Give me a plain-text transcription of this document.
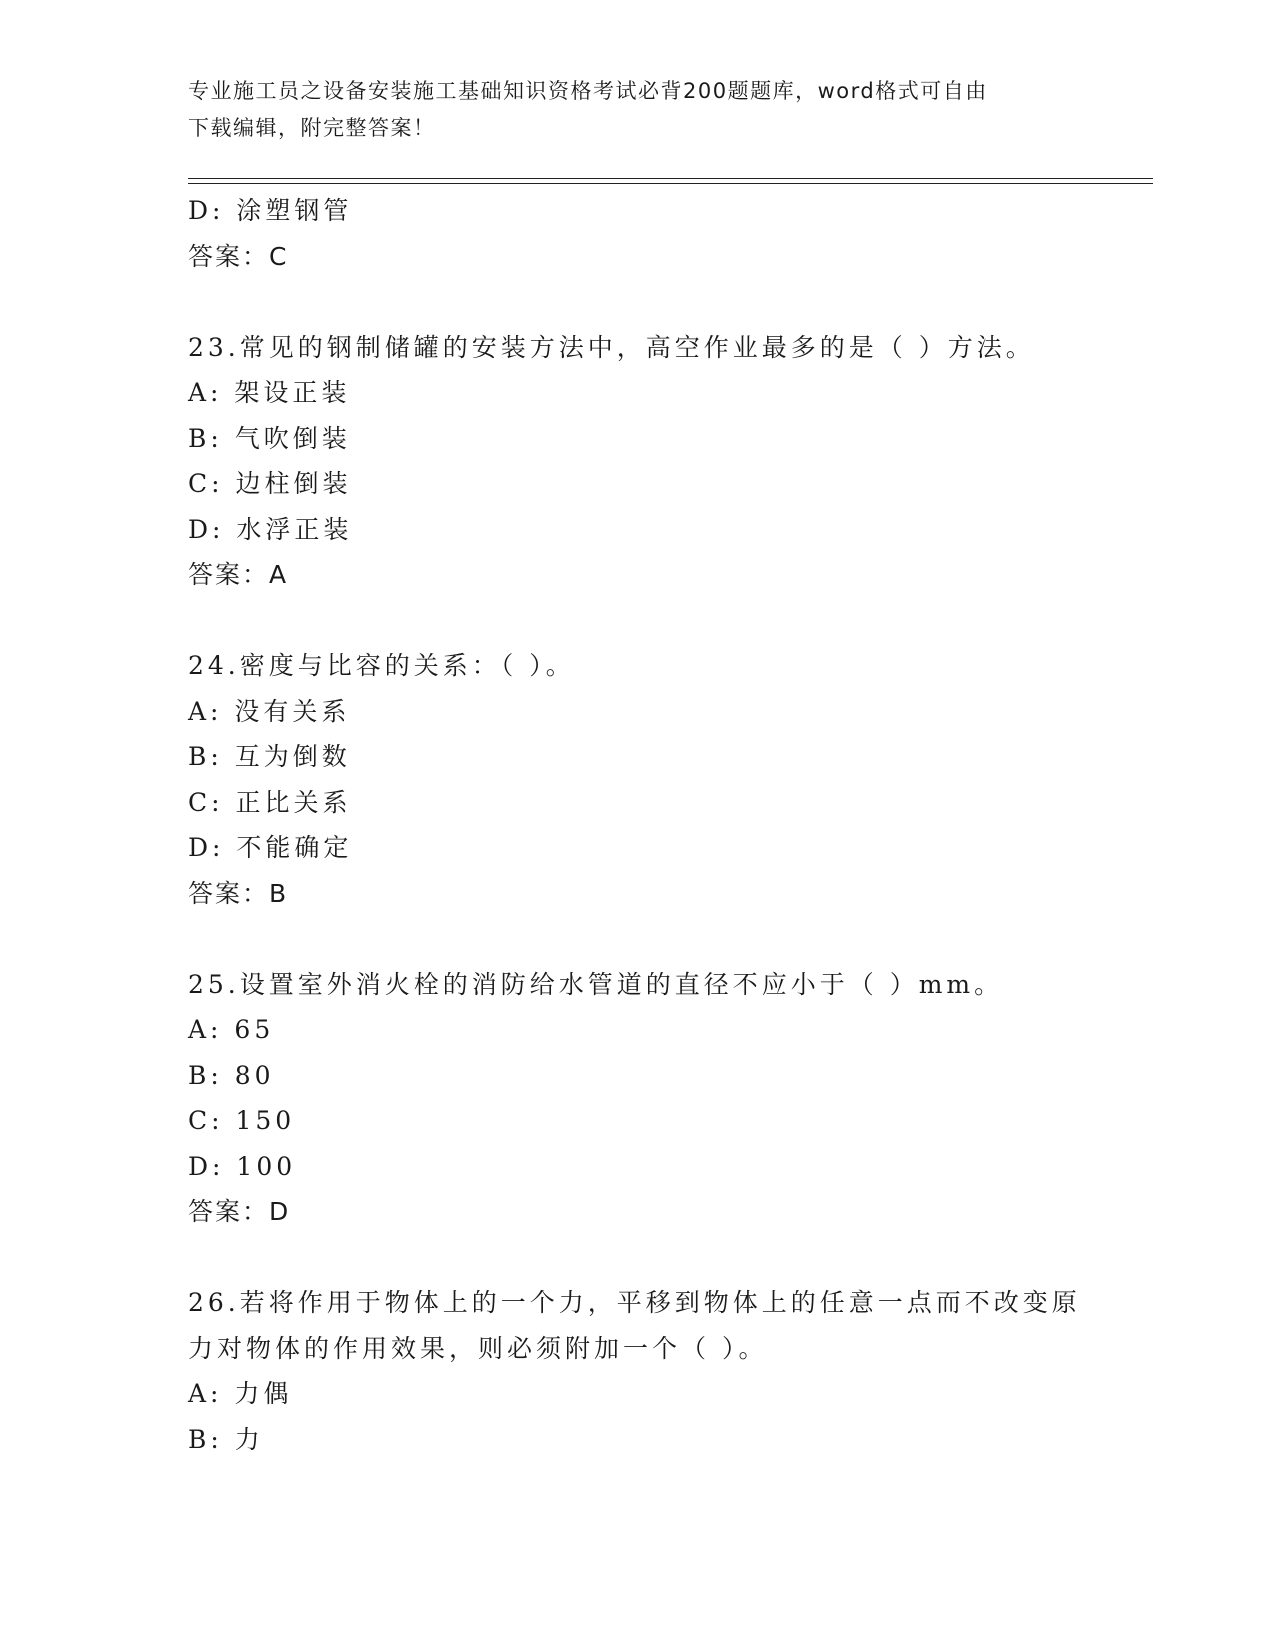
专业施工员之设备安装施工基础知识资格考试必背200题题库，word格式可自由
下载编辑，附完整答案！
D: 涂塑钢管
答案：C
23.常见的钢制储罐的安装方法中，高空作业最多的是（ ）方法。
A: 架设正装
B: 气吹倒装
C: 边柱倒装
D: 水浮正装
答案：A
24.密度与比容的关系：（ ）。
A: 没有关系
B: 互为倒数
C: 正比关系
D: 不能确定
答案：B
25.设置室外消火栓的消防给水管道的直径不应小于（ ）mm。
A: 65
B: 80
C: 150
D: 100
答案：D
26.若将作用于物体上的一个力，平移到物体上的任意一点而不改变原
力对物体的作用效果，则必须附加一个（ ）。
A: 力偶
B: 力
